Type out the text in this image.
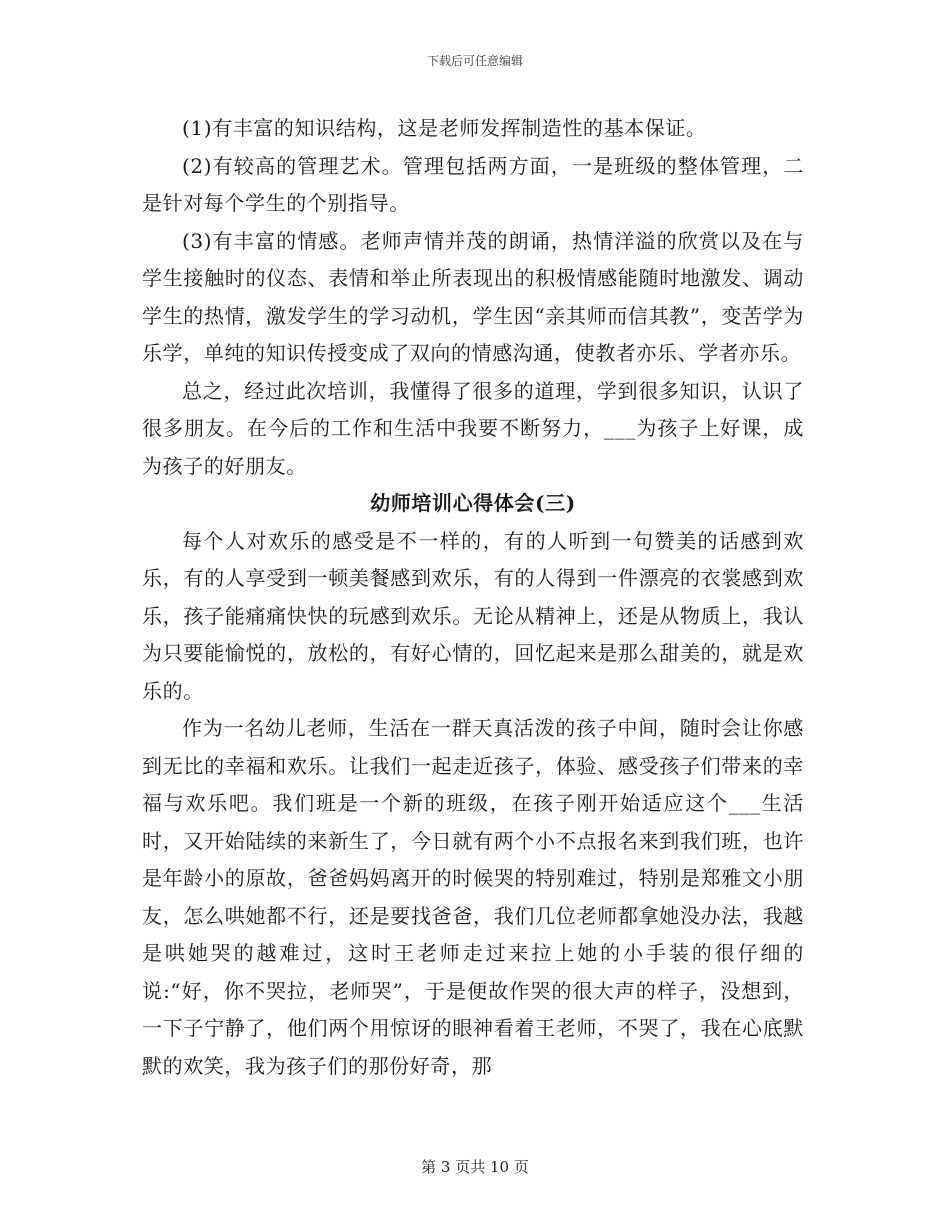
下载后可任意编辑

(1)有丰富的知识结构，这是老师发挥制造性的基本保证。

(2)有较高的管理艺术。管理包括两方面，一是班级的整体管理，二是针对每个学生的个别指导。

(3)有丰富的情感。老师声情并茂的朗诵，热情洋溢的欣赏以及在与学生接触时的仪态、表情和举止所表现出的积极情感能随时地激发、调动学生的热情，激发学生的学习动机，学生因“亲其师而信其教”，变苦学为乐学，单纯的知识传授变成了双向的情感沟通，使教者亦乐、学者亦乐。

总之，经过此次培训，我懂得了很多的道理，学到很多知识，认识了很多朋友。在今后的工作和生活中我要不断努力，___为孩子上好课，成为孩子的好朋友。

幼师培训心得体会(三)

每个人对欢乐的感受是不一样的，有的人听到一句赞美的话感到欢乐，有的人享受到一顿美餐感到欢乐，有的人得到一件漂亮的衣裳感到欢乐，孩子能痛痛快快的玩感到欢乐。无论从精神上，还是从物质上，我认为只要能愉悦的，放松的，有好心情的，回忆起来是那么甜美的，就是欢乐的。

作为一名幼儿老师，生活在一群天真活泼的孩子中间，随时会让你感到无比的幸福和欢乐。让我们一起走近孩子，体验、感受孩子们带来的幸福与欢乐吧。我们班是一个新的班级，在孩子刚开始适应这个___生活时，又开始陆续的来新生了，今日就有两个小不点报名来到我们班，也许是年龄小的原故，爸爸妈妈离开的时候哭的特别难过，特别是郑雅文小朋友，怎么哄她都不行，还是要找爸爸，我们几位老师都拿她没办法，我越是哄她哭的越难过，这时王老师走过来拉上她的小手装的很仔细的说:“好，你不哭拉，老师哭”，于是便故作哭的很大声的样子，没想到，一下子宁静了，他们两个用惊讶的眼神看着王老师，不哭了，我在心底默默的欢笑，我为孩子们的那份好奇，那

第 3 页共 10 页
